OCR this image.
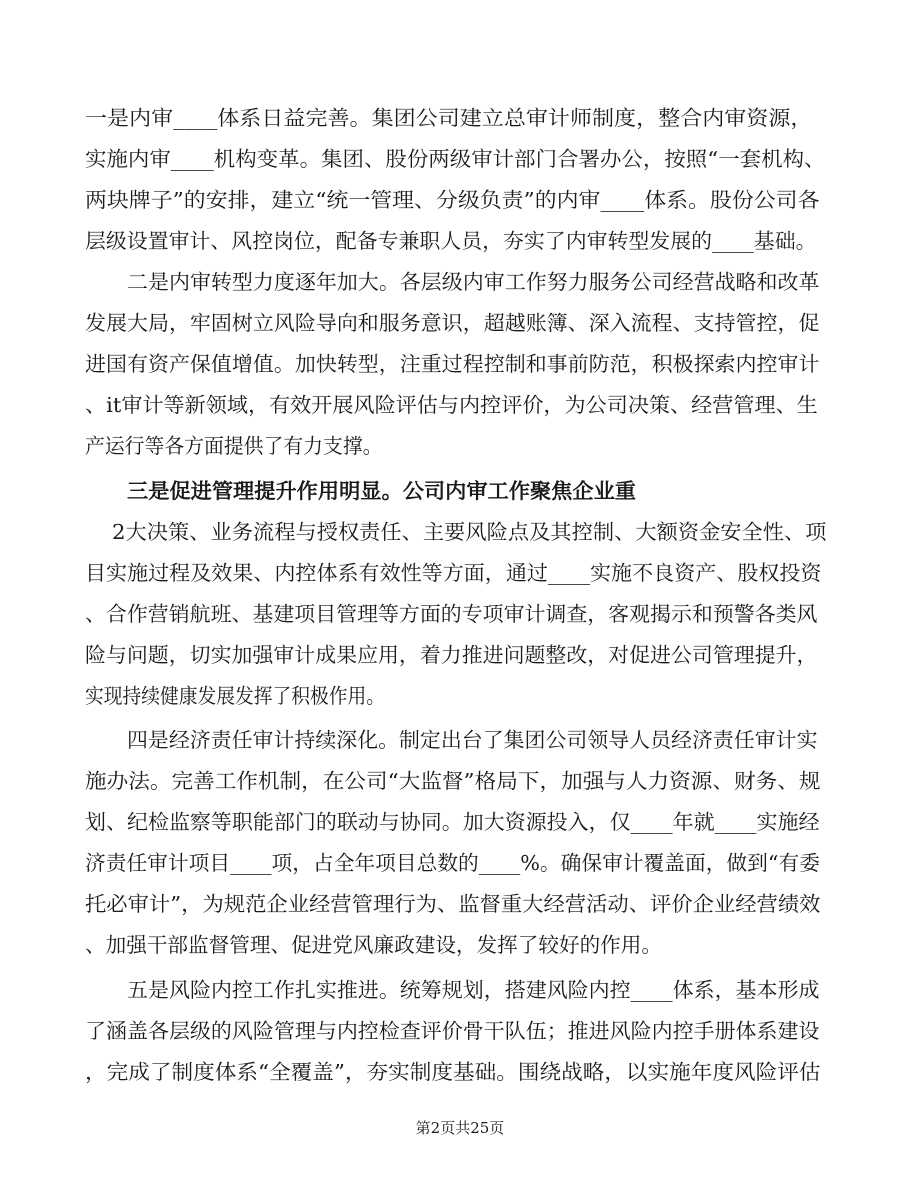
一是内审____体系日益完善。集团公司建立总审计师制度，整合内审资源，
实施内审____机构变革。集团、股份两级审计部门合署办公，按照“一套机构、
两块牌子”的安排，建立“统一管理、分级负责”的内审____体系。股份公司各
层级设置审计、风控岗位，配备专兼职人员，夯实了内审转型发展的____基础。
二是内审转型力度逐年加大。各层级内审工作努力服务公司经营战略和改革
发展大局，牢固树立风险导向和服务意识，超越账簿、深入流程、支持管控，促
进国有资产保值增值。加快转型，注重过程控制和事前防范，积极探索内控审计
、it审计等新领域，有效开展风险评估与内控评价，为公司决策、经营管理、生
产运行等各方面提供了有力支撑。
三是促进管理提升作用明显。公司内审工作聚焦企业重
2大决策、业务流程与授权责任、主要风险点及其控制、大额资金安全性、项
目实施过程及效果、内控体系有效性等方面，通过____实施不良资产、股权投资
、合作营销航班、基建项目管理等方面的专项审计调查，客观揭示和预警各类风
险与问题，切实加强审计成果应用，着力推进问题整改，对促进公司管理提升，
实现持续健康发展发挥了积极作用。
四是经济责任审计持续深化。制定出台了集团公司领导人员经济责任审计实
施办法。完善工作机制，在公司“大监督”格局下，加强与人力资源、财务、规
划、纪检监察等职能部门的联动与协同。加大资源投入，仅____年就____实施经
济责任审计项目____项，占全年项目总数的____%。确保审计覆盖面，做到“有委
托必审计”，为规范企业经营管理行为、监督重大经营活动、评价企业经营绩效
、加强干部监督管理、促进党风廉政建设，发挥了较好的作用。
五是风险内控工作扎实推进。统筹规划，搭建风险内控____体系，基本形成
了涵盖各层级的风险管理与内控检查评价骨干队伍；推进风险内控手册体系建设
，完成了制度体系“全覆盖”，夯实制度基础。围绕战略，以实施年度风险评估
第2页共25页
